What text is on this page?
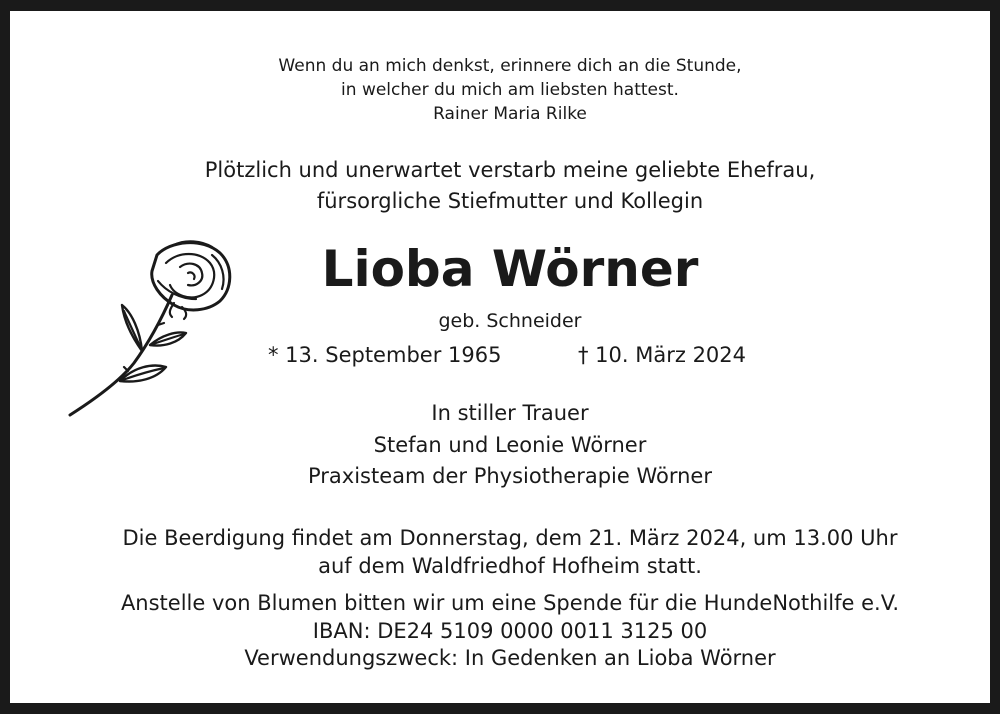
Wenn du an mich denkst, erinnere dich an die Stunde,
in welcher du mich am liebsten hattest.
Rainer Maria Rilke
Plötzlich und unerwartet verstarb meine geliebte Ehefrau,
fürsorgliche Stiefmutter und Kollegin
Lioba Wörner
geb. Schneider
* 13. September 1965	† 10. März 2024
In stiller Trauer
Stefan und Leonie Wörner
Praxisteam der Physiotherapie Wörner
Die Beerdigung findet am Donnerstag, dem 21. März 2024, um 13.00 Uhr
auf dem Waldfriedhof Hofheim statt.
Anstelle von Blumen bitten wir um eine Spende für die HundeNothilfe e.V.
IBAN: DE24 5109 0000 0011 3125 00
Verwendungszweck: In Gedenken an Lioba Wörner
